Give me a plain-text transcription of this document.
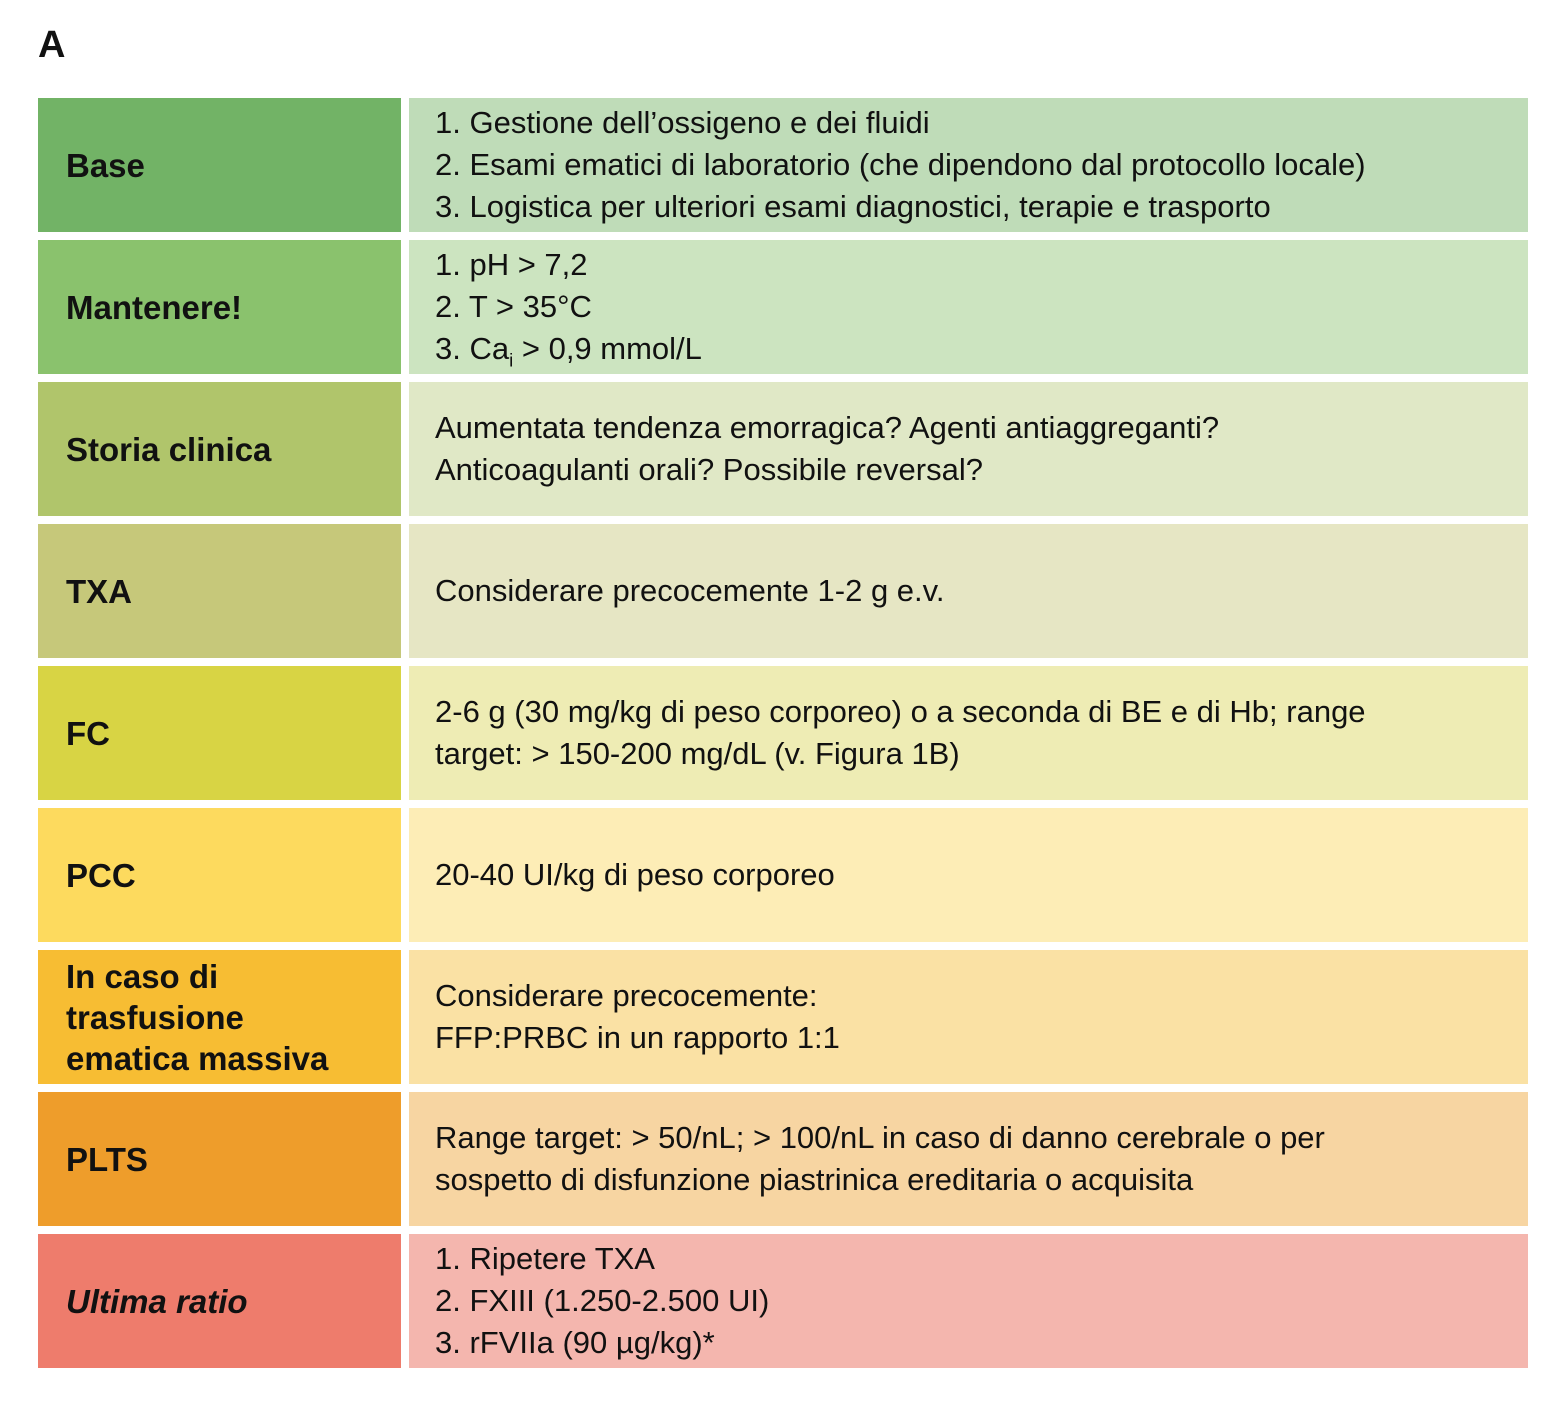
A
Base
1. Gestione dell’ossigeno e dei fluidi
2. Esami ematici di laboratorio (che dipendono dal protocollo locale)
3. Logistica per ulteriori esami diagnostici, terapie e trasporto
Mantenere!
1. pH > 7,2
2. T > 35°C
3. $Ca_i > 0,9$ mmol/L
Storia clinica
Aumentata tendenza emorragica? Agenti antiaggreganti?
Anticoagulanti orali? Possibile reversal?
TXA	Considerare precocemente 1-2 g e.v.
FC
2-6 g (30 mg/kg di peso corporeo) o a seconda di BE e di Hb; range
target: > 150-200 mg/dL (v. Figura 1B)
PCC	20-40 UI/kg di peso corporeo
In caso di
trasfusione
ematica massiva
Considerare precocemente:
FFP:PRBC in un rapporto 1:1
PLTS
Range target: > 50/nL; > 100/nL in caso di danno cerebrale o per
sospetto di disfunzione piastrinica ereditaria o acquisita
Ultima ratio
1. Ripetere TXA
2. FXIII (1.250-2.500 UI)
3. rFVIIa (90 µg/kg)*
